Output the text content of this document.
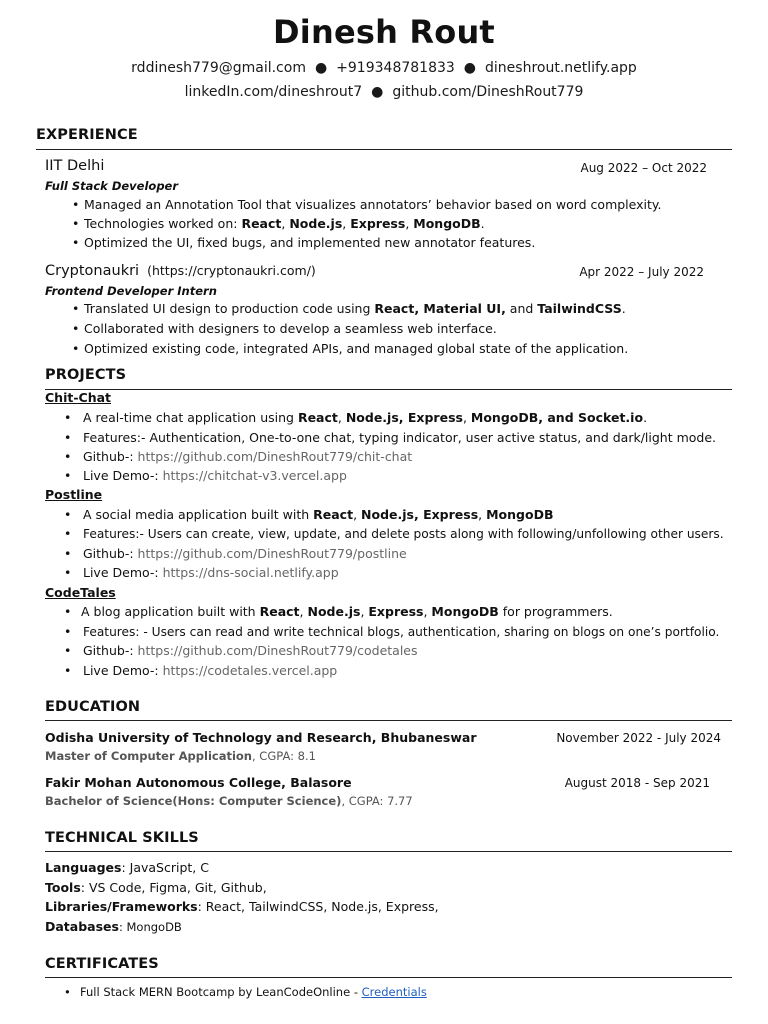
Dinesh Rout
rddinesh779@gmail.com ● +919348781833 ● dineshrout.netlify.app
linkedIn.com/dineshrout7 ● github.com/DineshRout779
EXPERIENCE
IIT Delhi	Aug 2022 – Oct 2022
Full Stack Developer
• Managed an Annotation Tool that visualizes annotators’ behavior based on word complexity.
• Technologies worked on: React, Node.js, Express, MongoDB.
• Optimized the UI, fixed bugs, and implemented new annotator features.
Cryptonaukri (https://cryptonaukri.com/)	Apr 2022 – July 2022
Frontend Developer Intern
• Translated UI design to production code using React, Material UI, and TailwindCSS.
• Collaborated with designers to develop a seamless web interface.
• Optimized existing code, integrated APIs, and managed global state of the application.
PROJECTS
Chit-Chat
• A real-time chat application using React, Node.js, Express, MongoDB, and Socket.io.
• Features:- Authentication, One-to-one chat, typing indicator, user active status, and dark/light mode.
• Github-: https://github.com/DineshRout779/chit-chat
• Live Demo-: https://chitchat-v3.vercel.app
Postline
• A social media application built with React, Node.js, Express, MongoDB
• Features:- Users can create, view, update, and delete posts along with following/unfollowing other users.
• Github-: https://github.com/DineshRout779/postline
• Live Demo-: https://dns-social.netlify.app
CodeTales
• A blog application built with React, Node.js, Express, MongoDB for programmers.
• Features: - Users can read and write technical blogs, authentication, sharing on blogs on one’s portfolio.
• Github-: https://github.com/DineshRout779/codetales
• Live Demo-: https://codetales.vercel.app
EDUCATION
Odisha University of Technology and Research, Bhubaneswar	November 2022 - July 2024
Master of Computer Application, CGPA: 8.1
Fakir Mohan Autonomous College, Balasore	August 2018 - Sep 2021
Bachelor of Science(Hons: Computer Science), CGPA: 7.77
TECHNICAL SKILLS
Languages: JavaScript, C
Tools: VS Code, Figma, Git, Github,
Libraries/Frameworks: React, TailwindCSS, Node.js, Express,
Databases: MongoDB
CERTIFICATES
• Full Stack MERN Bootcamp by LeanCodeOnline - Credentials
